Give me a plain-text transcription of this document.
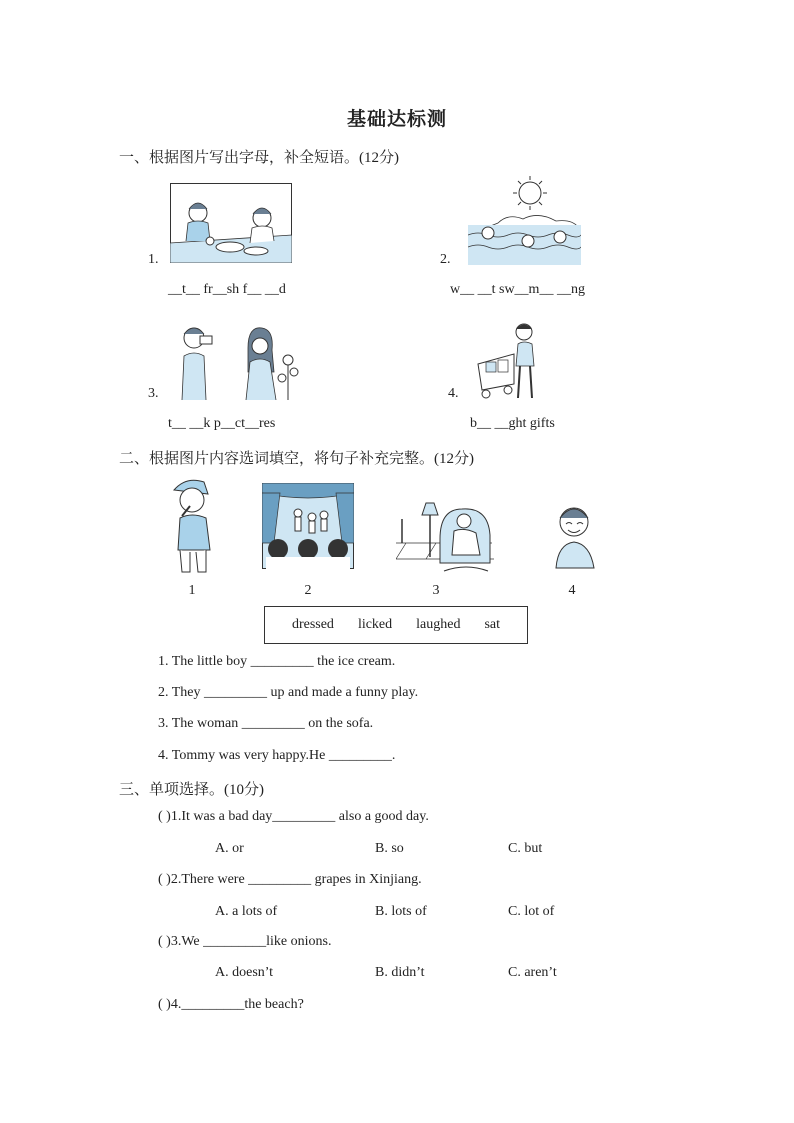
基础达标测
一、根据图片写出字母，补全短语。(12分)
1.
__t__ fr__sh f__ __d
2.
w__ __t sw__m__ __ng
3.
t__ __k p__ct__res
4.
b__ __ght gifts
二、根据图片内容选词填空，将句子补充完整。(12分)
1	2	3	4
dressed licked laughed sat
1. The little boy _________ the ice cream.
2. They _________ up and made a funny play.
3. The woman _________ on the sofa.
4. Tommy was very happy.He _________.
三、单项选择。(10分)
( )1.It was a bad day_________ also a good day.
A. or	B. so	C. but
( )2.There were _________ grapes in Xinjiang.
A. a lots of	B. lots of	C. lot of
( )3.We _________like onions.
A. doesn’t	B. didn’t	C. aren’t
( )4._________the beach?
